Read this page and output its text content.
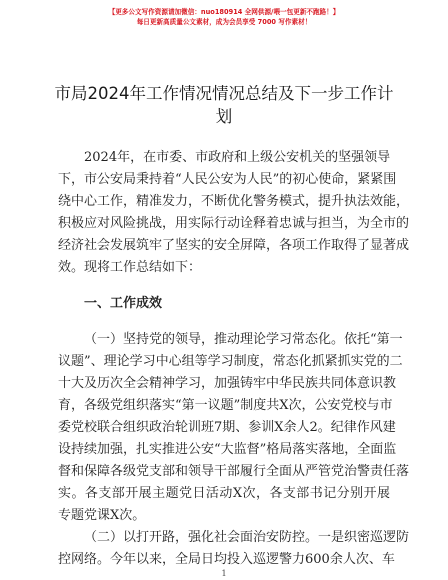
【更多公文写作资源请加微信：nuo180914 全网供源/喂一包更新不跑路！】
每日更新高质量公文素材，成为会员享受 7000 写作素材！
市局2024年工作情况情况总结及下一步工作计
划
2024年，在市委、市政府和上级公安机关的坚强领导
下，市公安局秉持着“人民公安为人民”的初心使命，紧紧围
绕中心工作，精准发力，不断优化警务模式，提升执法效能，
积极应对风险挑战，用实际行动诠释着忠诚与担当，为全市的
经济社会发展筑牢了坚实的安全屏障，各项工作取得了显著成
效。现将工作总结如下：
一、工作成效
（一）坚持党的领导，推动理论学习常态化。依托“第一
议题”、理论学习中心组等学习制度，常态化抓紧抓实党的二
十大及历次全会精神学习，加强铸牢中华民族共同体意识教
育，各级党组织落实“第一议题”制度共X次，公安党校与市
委党校联合组织政治轮训班7期、参训X余人2。纪律作风建
设持续加强，扎实推进公安“大监督”格局落实落地，全面监
督和保障各级党支部和领导干部履行全面从严管党治警责任落
实。各支部开展主题党日活动X次，各支部书记分别开展
专题党课X次。
（二）以打开路，强化社会面治安防控。一是织密巡逻防
控网络。今年以来，全局日均投入巡逻警力600余人次、车
1
